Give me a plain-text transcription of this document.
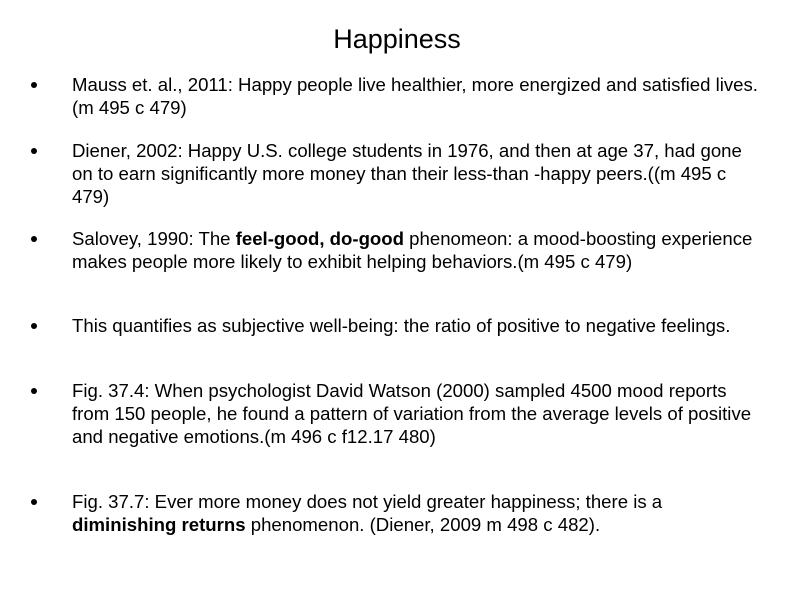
Happiness
Mauss et. al., 2011: Happy people live healthier, more energized and satisfied lives. (m 495 c 479)
Diener, 2002: Happy U.S. college students in 1976, and then at age 37, had gone on to earn significantly more money than their less-than -happy peers.((m 495 c 479)
Salovey, 1990: The feel-good, do-good phenomeon: a mood-boosting experience makes people more likely to exhibit helping behaviors.(m 495 c 479)
This quantifies as subjective well-being: the ratio of positive to negative feelings.
Fig. 37.4: When psychologist David Watson (2000) sampled 4500 mood reports from 150 people, he found a pattern of variation from the average levels of positive and negative emotions.(m 496 c f12.17 480)
Fig. 37.7: Ever more money does not yield greater happiness; there is a diminishing returns phenomenon. (Diener, 2009 m 498 c 482).
